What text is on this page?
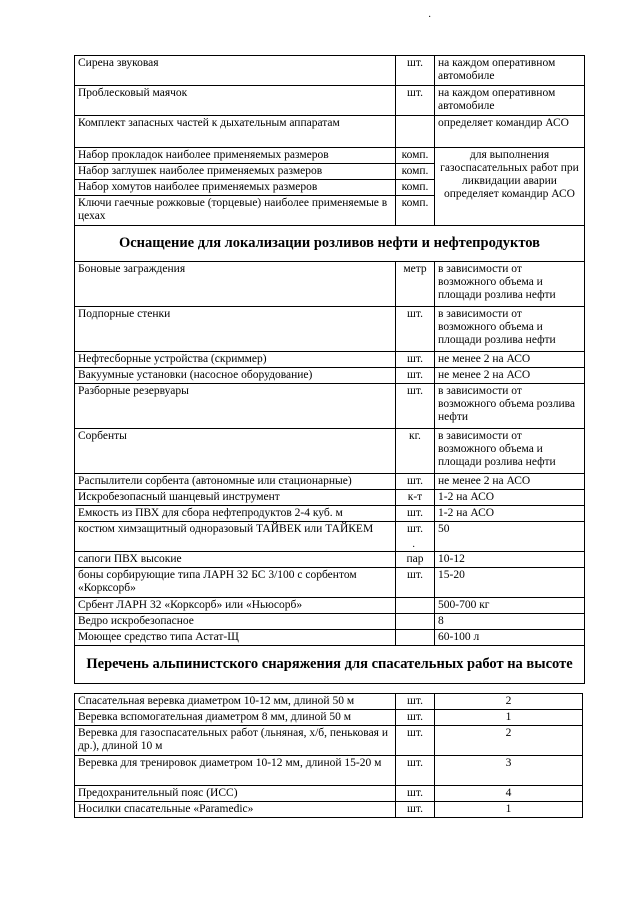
·
·
Сирена звуковая	шт.	на каждом оперативном автомобиле
Проблесковый маячок	шт.	на каждом оперативном автомобиле
Комплект запасных частей к дыхательным аппаратам		определяет командир АСО
Набор прокладок наиболее применяемых размеров	комп.	для выполнения газоспасательных работ при ликвидации аварии определяет командир АСО
Набор заглушек наиболее применяемых размеров	комп.	
Набор хомутов наиболее применяемых размеров	комп.	
Ключи гаечные рожковые (торцевые) наиболее применяемые в цехах	комп.	
Оснащение для локализации розливов нефти и нефтепродуктов		
Боновые заграждения	метр	в зависимости от возможного объема и площади розлива нефти
Подпорные стенки	шт.	в зависимости от возможного объема и площади розлива нефти
Нефтесборные устройства (скриммер)	шт.	не менее 2 на АСО
Вакуумные установки (насосное оборудование)	шт.	не менее 2 на АСО
Разборные резервуары	шт.	в зависимости от возможного объема розлива нефти
Сорбенты	кг.	в зависимости от возможного объема и площади розлива нефти
Распылители сорбента (автономные или стационарные)	шт.	не менее 2 на АСО
Искробезопасный шанцевый инструмент	к-т	1-2 на АСО
Емкость из ПВХ для сбора нефтепродуктов 2-4 куб. м	шт.	1-2 на АСО
костюм химзащитный одноразовый ТАЙВЕК или ТАЙКЕМ	шт.	50
сапоги ПВХ высокие	пар	10-12
боны сорбирующие типа ЛАРН 32 БС 3/100 с сорбентом «Корксорб»	шт.	15-20
Србент ЛАРН 32 «Корксорб» или «Ньюсорб»		500-700 кг
Ведро искробезопасное		8
Моющее средство типа Астат-Щ		60-100 л
Перечень альпинистского снаряжения для спасательных работ на высоте		
Спасательная веревка диаметром 10-12 мм, длиной 50 м	шт.	2
Веревка вспомогательная диаметром 8 мм, длиной 50 м	шт.	1
Веревка для газоспасательных работ (льняная, х/б, пеньковая и др.), длиной 10 м	шт.	2
Веревка для тренировок диаметром 10-12 мм, длиной 15-20 м	шт.	3
Предохранительный пояс (ИСС)	шт.	4
Носилки спасательные «Paramedic»	шт.	1
